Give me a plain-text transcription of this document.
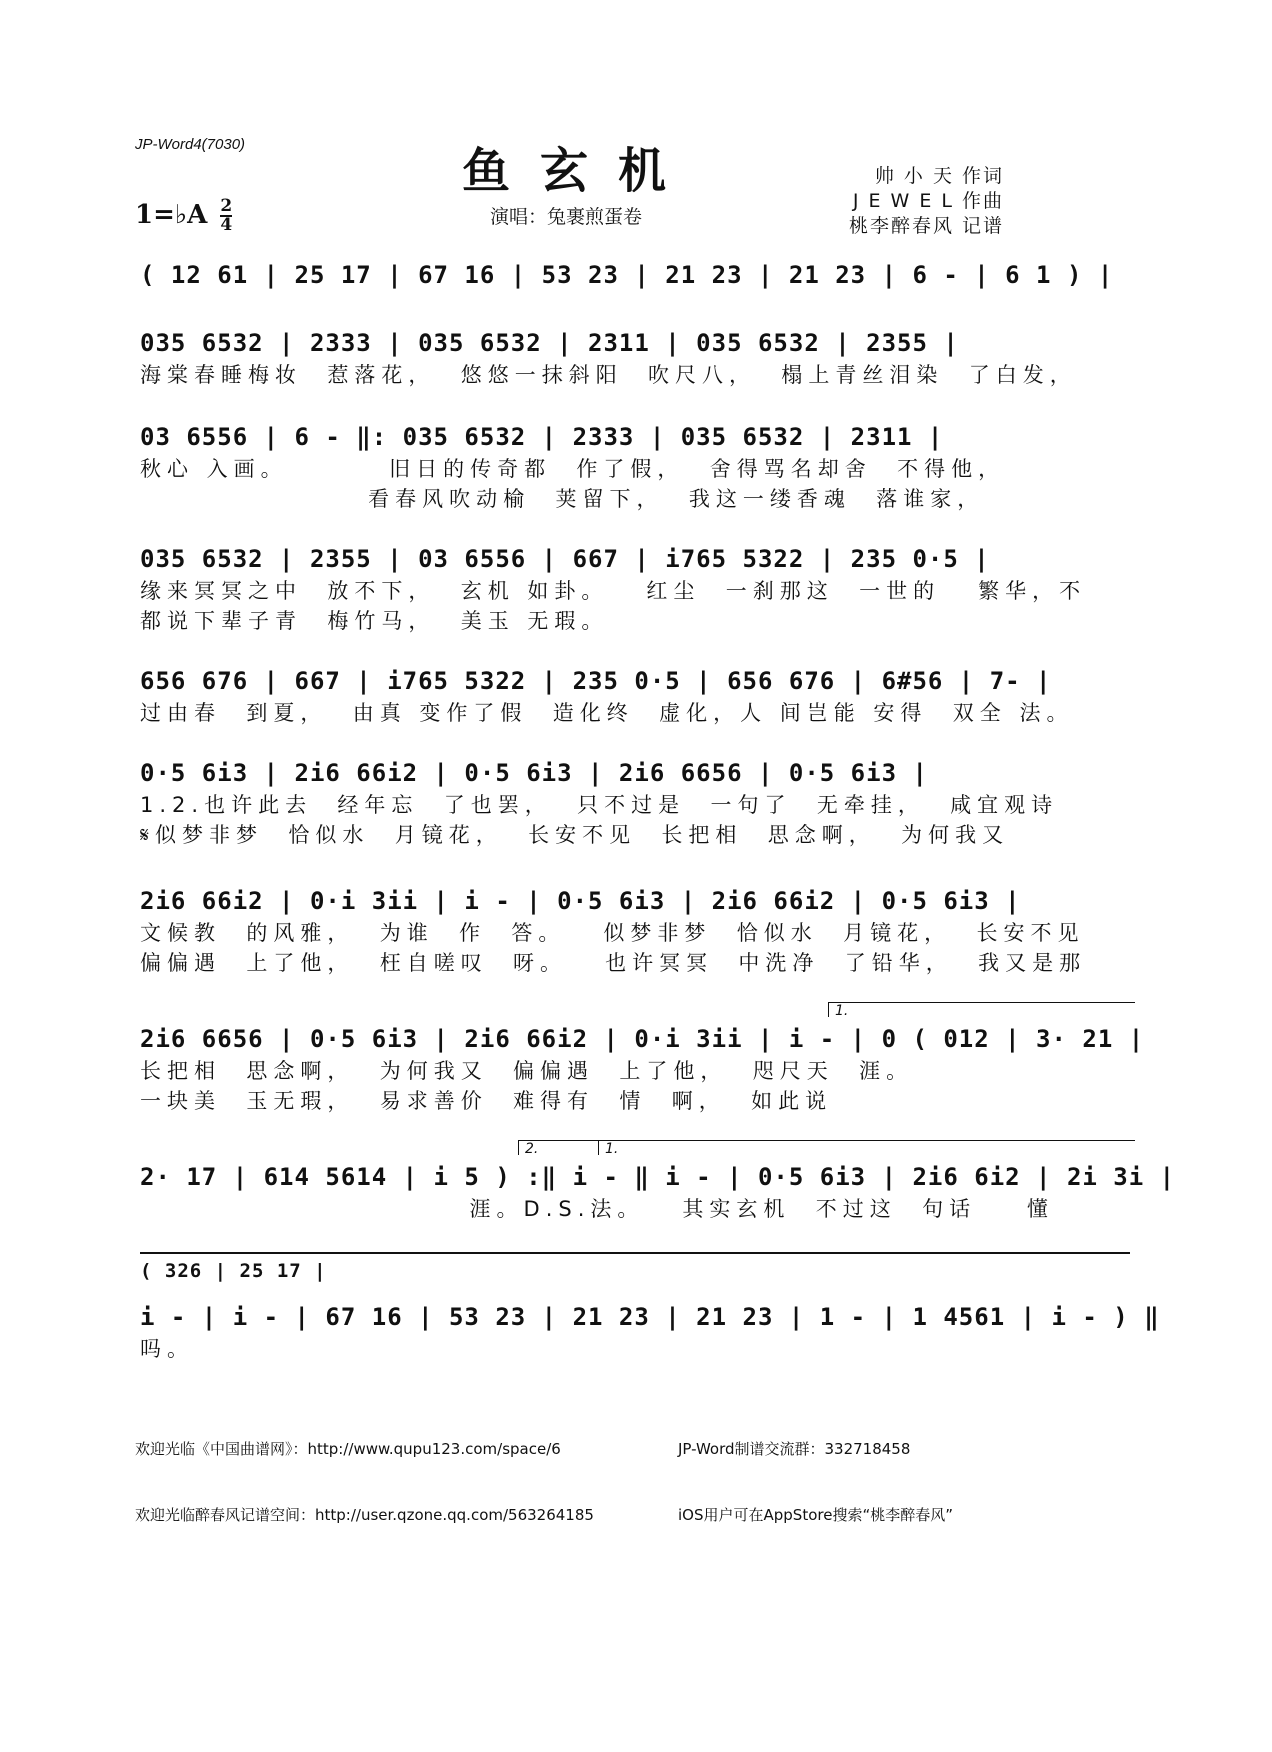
JP-Word4(7030)	鱼玄机
1=♭A $\frac{2}{4}$	演唱：兔裹煎蛋卷
帅 小 天 作词
J E W E L 作曲
桃李醉春风 记谱
( 12 61 | 25 17 | 67 16 | 53 23 | 21 23 | 21 23 | 6 - | 6 1 ) |
035 6532 | 2333 | 035 6532 | 2311 | 035 6532 | 2355 |
海棠春睡梅妆  惹落花，  悠悠一抹斜阳  吹尺八，  榻上青丝泪染  了白发，
03 6556 | 6 - ‖: 035 6532 | 2333 | 035 6532 | 2311 |
秋心 入画。        旧日的传奇都  作了假，  舍得骂名却舍  不得他，
看春风吹动榆  荚留下，  我这一缕香魂  落谁家，
035 6532 | 2355 | 03 6556 | 667 | i765 5322 | 235 0·5 |
缘来冥冥之中  放不下，  玄机 如卦。   红尘  一刹那这  一世的   繁华，不
都说下辈子青  梅竹马，  美玉 无瑕。
656 676 | 667 | i765 5322 | 235 0·5 | 656 676 | 6#56 | 7- |
过由春  到夏，  由真 变作了假  造化终  虚化，人 间岂能 安得  双全 法。
0·5 6i3 | 2i6 66i2 | 0·5 6i3 | 2i6 6656 | 0·5 6i3 |
1.2.也许此去  经年忘  了也罢，  只不过是  一句了  无牵挂，  咸宜观诗
𝄋似梦非梦  恰似水  月镜花，  长安不见  长把相  思念啊，  为何我又
2i6 66i2 | 0·i 3ii | i - | 0·5 6i3 | 2i6 66i2 | 0·5 6i3 |
文候教  的风雅，  为谁  作  答。   似梦非梦  恰似水  月镜花，  长安不见
偏偏遇  上了他，  枉自嗟叹  呀。   也许冥冥  中洗净  了铅华，  我又是那
1.
2i6 6656 | 0·5 6i3 | 2i6 66i2 | 0·i 3ii | i - | 0 ( 012 | 3· 21 |
长把相  思念啊，  为何我又  偏偏遇  上了他，  咫尺天  涯。
一块美  玉无瑕，  易求善价  难得有  情  啊，  如此说
2.	1.
2· 17 | 614 5614 | i 5 ) :‖ i - ‖ i - | 0·5 6i3 | 2i6 6i2 | 2i 3i |
涯。D.S.法。   其实玄机  不过这  句话    懂
( 326 | 25 17 |
i - | i - | 67 16 | 53 23 | 21 23 | 21 23 | 1 - | 1 4561 | i - ) ‖
吗。

欢迎光临《中国曲谱网》：http://www.qupu123.com/space/6

欢迎光临醉春风记谱空间：http://user.qzone.qq.com/563264185

JP-Word制谱交流群：332718458

iOS用户可在AppStore搜索“桃李醉春风”
